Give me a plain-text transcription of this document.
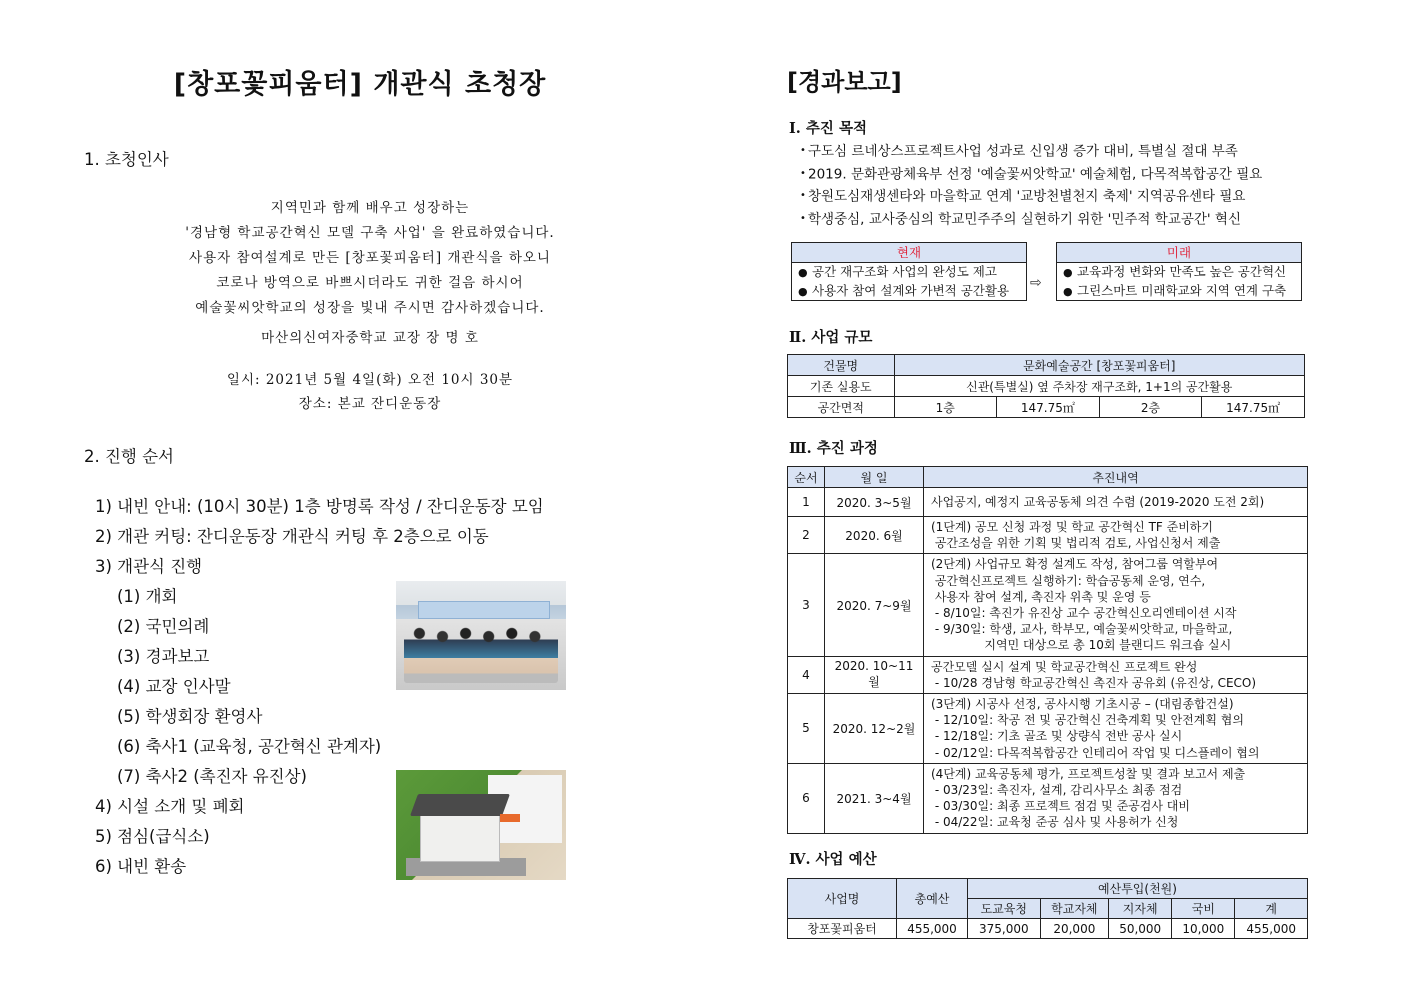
[창포꽃피움터] 개관식 초청장
1. 초청인사
지역민과 함께 배우고 성장하는
'경남형 학교공간혁신 모델 구축 사업' 을 완료하였습니다.
사용자 참여설계로 만든 [창포꽃피움터] 개관식을 하오니
코로나 방역으로 바쁘시더라도 귀한 걸음 하시어
예술꽃씨앗학교의 성장을 빛내 주시면 감사하겠습니다.
마산의신여자중학교 교장 장 명 호
일시: 2021년 5월 4일(화) 오전 10시 30분
장소: 본교 잔디운동장
2. 진행 순서
1) 내빈 안내: (10시 30분) 1층 방명록 작성 / 잔디운동장 모임
2) 개관 커팅: 잔디운동장 개관식 커팅 후 2층으로 이동
3) 개관식 진행
(1) 개회
(2) 국민의례
(3) 경과보고
(4) 교장 인사말
(5) 학생회장 환영사
(6) 축사1 (교육청, 공간혁신 관계자)
(7) 축사2 (촉진자 유진상)
4) 시설 소개 및 폐회
5) 점심(급식소)
6) 내빈 환송
[경과보고]
Ⅰ. 추진 목적
• 구도심 르네상스프로젝트사업 성과로 신입생 증가 대비, 특별실 절대 부족
• 2019. 문화관광체육부 선정 '예술꽃씨앗학교' 예술체험, 다목적복합공간 필요
• 창원도심재생센타와 마을학교 연계 '교방천별천지 축제' 지역공유센타 필요
• 학생중심, 교사중심의 학교민주주의 실현하기 위한 '민주적 학교공간' 혁신
현재
● 공간 재구조화 사업의 완성도 제고
● 사용자 참여 설계와 가변적 공간활용	⇨
미래
● 교육과정 변화와 만족도 높은 공간혁신
● 그린스마트 미래학교와 지역 연계 구축
Ⅱ. 사업 규모
건물명	문화예술공간 [창포꽃피움터]			
기존 실용도	신관(특별실) 옆 주차장 재구조화, 1+1의 공간활용			
공간면적	1층	147.75㎡	2층	147.75㎡
Ⅲ. 추진 과정
순서	월 일	추진내역
1	2020. 3~5월	사업공지, 예정지 교육공동체 의견 수렴 (2019-2020 도전 2회)

2	2020. 6월	(1단계) 공모 신청 과정 및 학교 공간혁신 TF 준비하기
공간조성을 위한 기획 및 법리적 검토, 사업신청서 제출

3	2020. 7~9월	
(2단계) 사업규모 확정 설계도 작성, 참여그룹 역할부여
공간혁신프로젝트 실행하기: 학습공동체 운영, 연수,
사용자 참여 설계, 촉진자 위촉 및 운영 등
- 8/10일: 촉진가 유진상 교수 공간혁신오리엔테이션 시작
- 9/30일: 학생, 교사, 학부모, 예술꽃씨앗학교, 마을학교,
지역민 대상으로 총 10회 블랜디드 워크숍 실시

4	2020. 10~11월	공간모델 실시 설계 및 학교공간혁신 프로젝트 완성
- 10/28 경남형 학교공간혁신 촉진자 공유회 (유진상, CECO)

5	2020. 12~2월	(3단계) 시공사 선정, 공사시행 기초시공 – (대림종합건설)
- 12/10일: 착공 전 및 공간혁신 건축계획 및 안전계획 협의
- 12/18일: 기초 골조 및 상량식 전반 공사 실시
- 02/12일: 다목적복합공간 인테리어 작업 및 디스플레이 협의

6	2021. 3~4월	(4단계) 교육공동체 평가, 프로젝트성찰 및 결과 보고서 제출
- 03/23일: 촉진자, 설계, 감리사무소 최종 점검
- 03/30일: 최종 프로젝트 점검 및 준공검사 대비
- 04/22일: 교육청 준공 심사 및 사용허가 신청
Ⅳ. 사업 예산
사업명	총예산	예산투입(천원)				
		도교육청	학교자체	지자체	국비	계
창포꽃피움터	455,000	375,000	20,000	50,000	10,000	455,000
